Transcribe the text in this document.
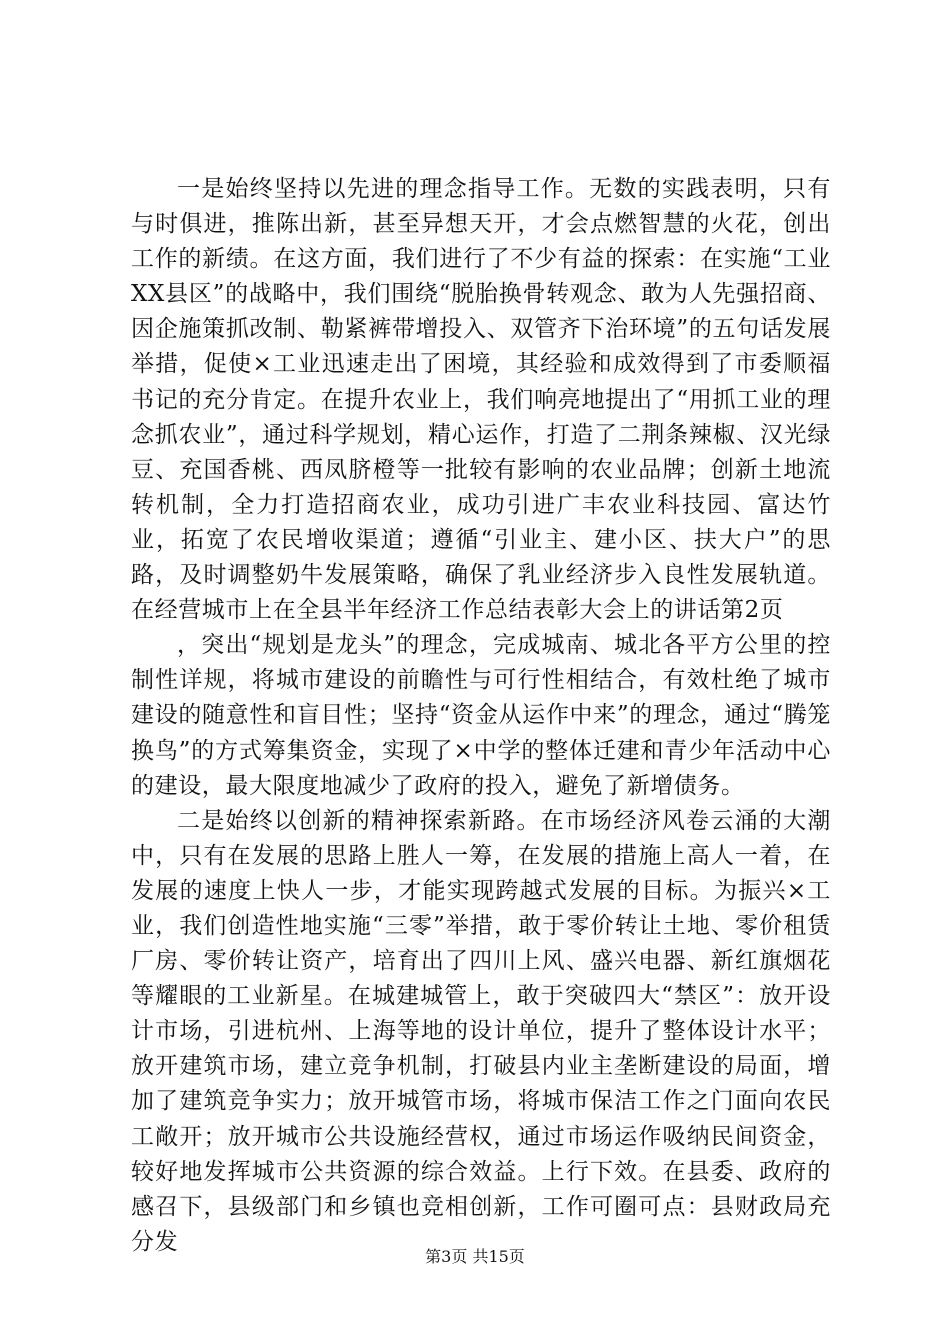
一是始终坚持以先进的理念指导工作。无数的实践表明，只有与时俱进，推陈出新，甚至异想天开，才会点燃智慧的火花，创出工作的新绩。在这方面，我们进行了不少有益的探索：在实施“工业XX县区”的战略中，我们围绕“脱胎换骨转观念、敢为人先强招商、因企施策抓改制、勒紧裤带增投入、双管齐下治环境”的五句话发展举措，促使×工业迅速走出了困境，其经验和成效得到了市委顺福书记的充分肯定。在提升农业上，我们响亮地提出了“用抓工业的理念抓农业”，通过科学规划，精心运作，打造了二荆条辣椒、汉光绿豆、充国香桃、西凤脐橙等一批较有影响的农业品牌；创新土地流转机制，全力打造招商农业，成功引进广丰农业科技园、富达竹业，拓宽了农民增收渠道；遵循“引业主、建小区、扶大户”的思路，及时调整奶牛发展策略，确保了乳业经济步入良性发展轨道。在经营城市上在全县半年经济工作总结表彰大会上的讲话第2页

，突出“规划是龙头”的理念，完成城南、城北各平方公里的控制性详规，将城市建设的前瞻性与可行性相结合，有效杜绝了城市建设的随意性和盲目性；坚持“资金从运作中来”的理念，通过“腾笼换鸟”的方式筹集资金，实现了×中学的整体迁建和青少年活动中心的建设，最大限度地减少了政府的投入，避免了新增债务。

二是始终以创新的精神探索新路。在市场经济风卷云涌的大潮中，只有在发展的思路上胜人一筹，在发展的措施上高人一着，在发展的速度上快人一步，才能实现跨越式发展的目标。为振兴×工业，我们创造性地实施“三零”举措，敢于零价转让土地、零价租赁厂房、零价转让资产，培育出了四川上风、盛兴电器、新红旗烟花等耀眼的工业新星。在城建城管上，敢于突破四大“禁区”：放开设计市场，引进杭州、上海等地的设计单位，提升了整体设计水平；放开建筑市场，建立竞争机制，打破县内业主垄断建设的局面，增加了建筑竞争实力；放开城管市场，将城市保洁工作之门面向农民工敞开；放开城市公共设施经营权，通过市场运作吸纳民间资金，较好地发挥城市公共资源的综合效益。上行下效。在县委、政府的感召下，县级部门和乡镇也竞相创新，工作可圈可点：县财政局充分发

第3页 共15页
